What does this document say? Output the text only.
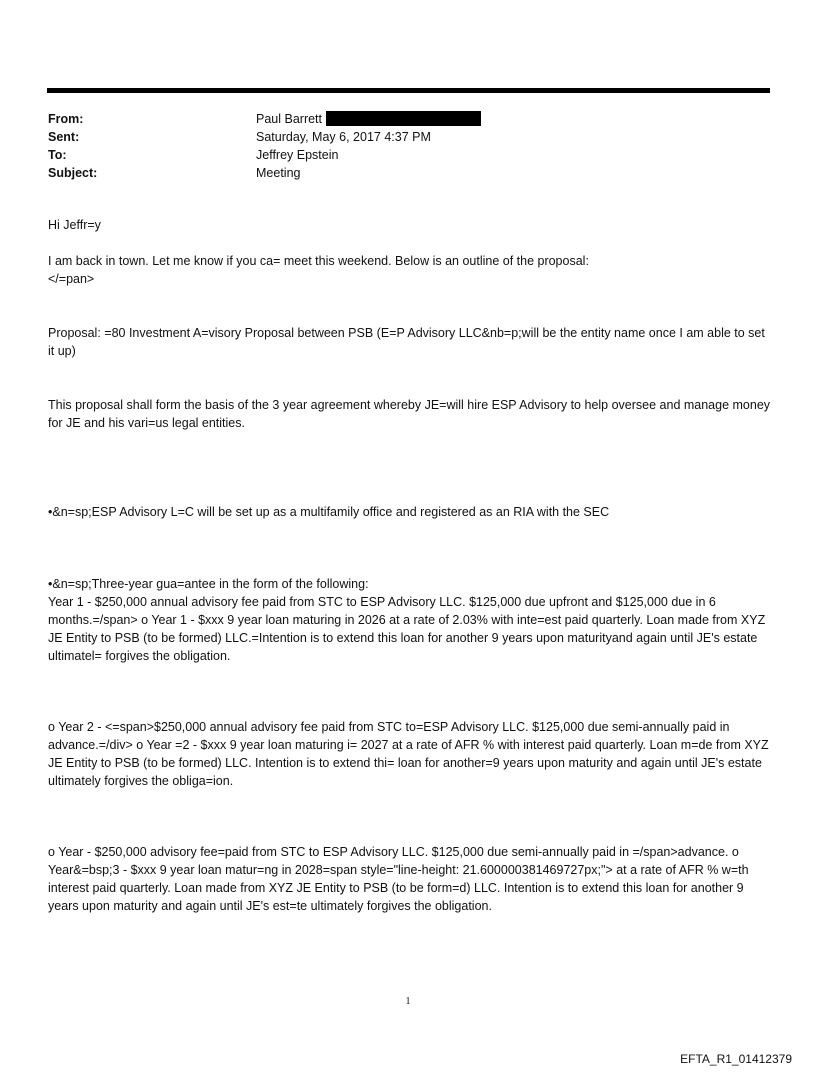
From:	Paul Barrett
Sent:	Saturday, May 6, 2017 4:37 PM
To:	Jeffrey Epstein
Subject:	Meeting

Hi Jeffr=y

I am back in town. Let me know if you ca= meet this weekend. Below is an outline of the proposal:

</=pan>

Proposal: =80 Investment A=visory Proposal between PSB (E=P Advisory LLC&nb=p;will be the entity name once I am able to set it up)

This proposal shall form the basis of the 3 year agreement whereby JE=will hire ESP Advisory to help oversee and manage money for JE and his vari=us legal entities.

•&n=sp;ESP Advisory L=C will be set up as a multifamily office and registered as an RIA with the SEC

•&n=sp;Three-year gua=antee in the form of the following:

Year 1 - $250,000 annual advisory fee paid from STC to ESP Advisory LLC. $125,000 due upfront and $125,000 due in 6 months.=/span> o Year 1 - $xxx 9 year loan maturing in 2026 at a rate of 2.03% with inte=est paid quarterly. Loan made from XYZ JE Entity to PSB (to be formed) LLC.=Intention is to extend this loan for another 9 years upon maturityand again until JE's estate ultimatel= forgives the obligation.

o Year 2 - <=span>$250,000 annual advisory fee paid from STC to=ESP Advisory LLC. $125,000 due semi-annually paid in advance.=/div> o Year =2 - $xxx 9 year loan maturing i= 2027 at a rate of AFR % with interest paid quarterly. Loan m=de from XYZ JE Entity to PSB (to be formed) LLC. Intention is to extend thi= loan for another=9 years upon maturity and again until JE's estate ultimately forgives the obliga=ion.

o Year - $250,000 advisory fee=paid from STC to ESP Advisory LLC. $125,000 due semi-annually paid in =/span>advance. o Year&=bsp;3 - $xxx 9 year loan matur=ng in 2028=span style="line-height: 21.600000381469727px;"> at a rate of AFR % w=th interest paid quarterly. Loan made from XYZ JE Entity to PSB (to be form=d) LLC. Intention is to extend this loan for another 9 years upon maturity and again until JE's est=te ultimately forgives the obligation.

1
EFTA_R1_01412379
